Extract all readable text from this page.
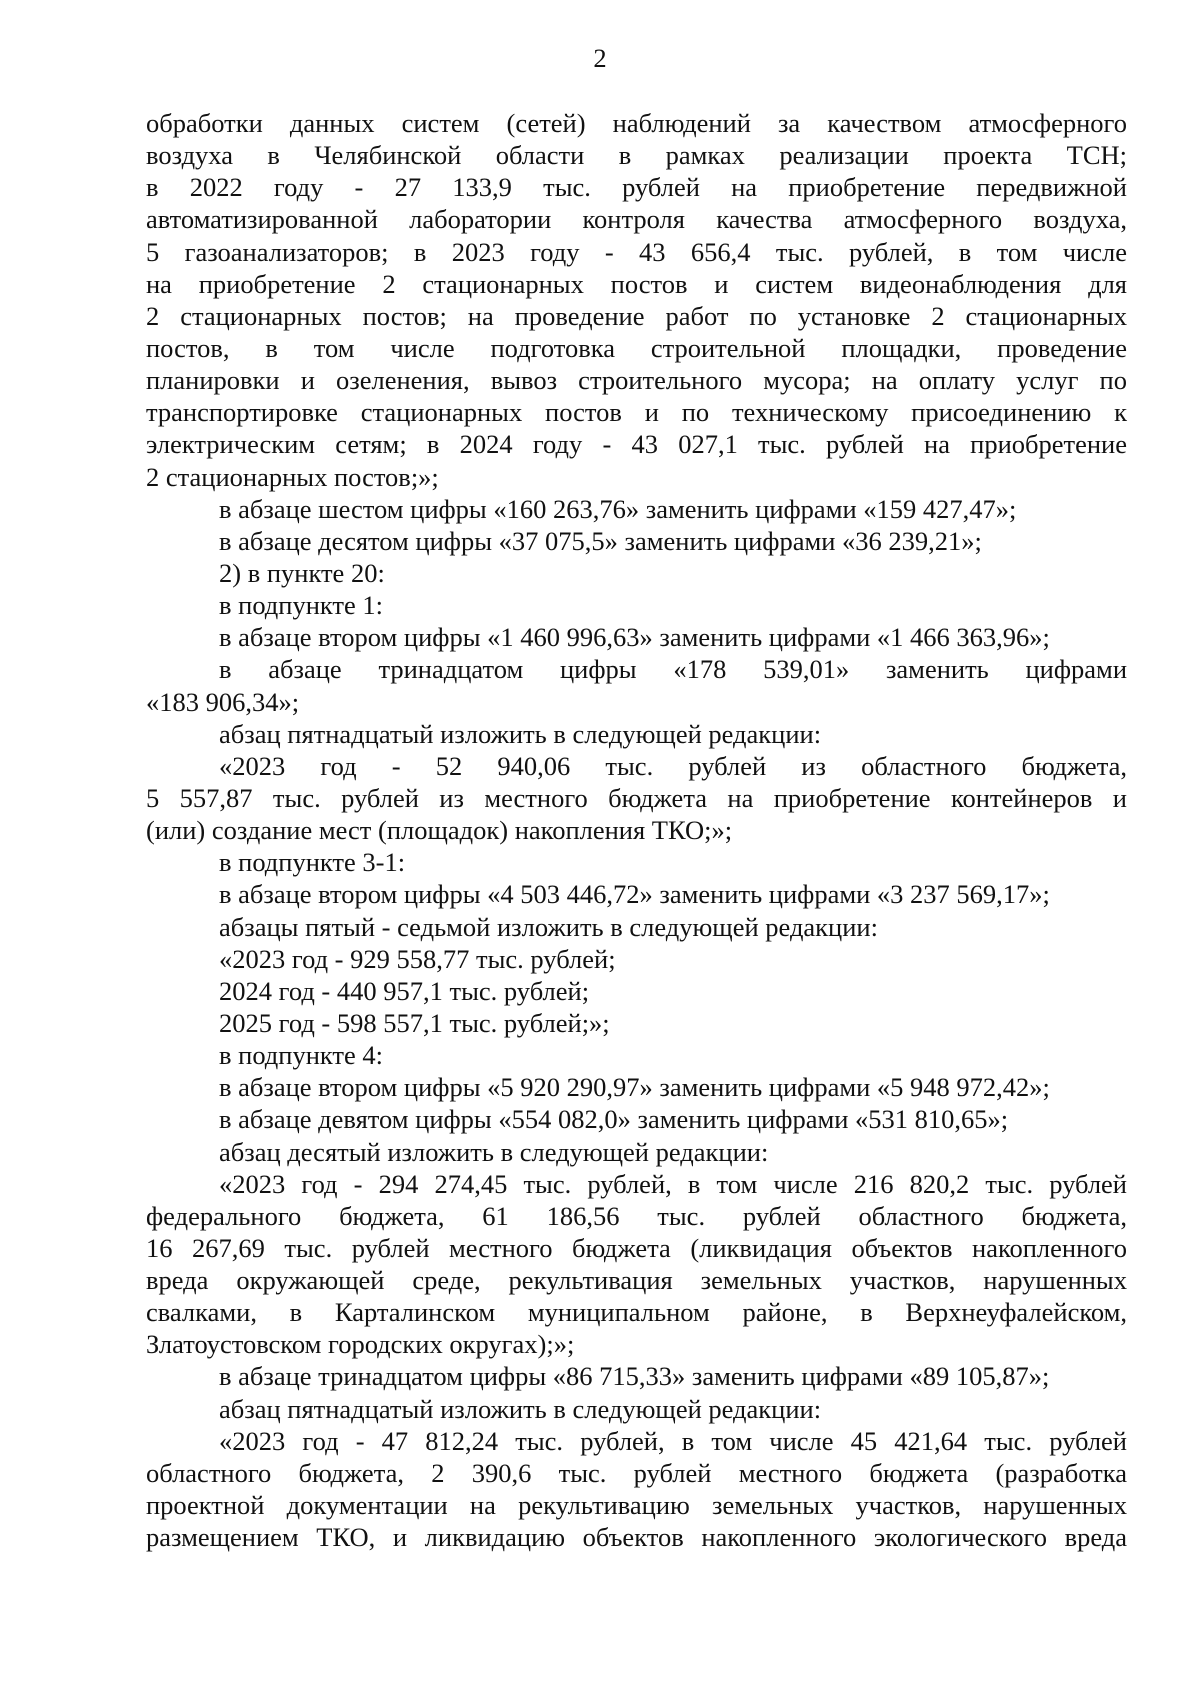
2
обработки данных систем (сетей) наблюдений за качеством атмосферного
воздуха в Челябинской области в рамках реализации проекта ТСН;
в 2022 году - 27 133,9 тыс. рублей на приобретение передвижной
автоматизированной лаборатории контроля качества атмосферного воздуха,
5 газоанализаторов; в 2023 году - 43 656,4 тыс. рублей, в том числе
на приобретение 2 стационарных постов и систем видеонаблюдения для
2 стационарных постов; на проведение работ по установке 2 стационарных
постов, в том числе подготовка строительной площадки, проведение
планировки и озеленения, вывоз строительного мусора; на оплату услуг по
транспортировке стационарных постов и по техническому присоединению к
электрическим сетям; в 2024 году - 43 027,1 тыс. рублей на приобретение
2 стационарных постов;»;
в абзаце шестом цифры «160 263,76» заменить цифрами «159 427,47»;
в абзаце десятом цифры «37 075,5» заменить цифрами «36 239,21»;
2) в пункте 20:
в подпункте 1:
в абзаце втором цифры «1 460 996,63» заменить цифрами «1 466 363,96»;
в абзаце тринадцатом цифры «178 539,01» заменить цифрами
«183 906,34»;
абзац пятнадцатый изложить в следующей редакции:
«2023 год - 52 940,06 тыс. рублей из областного бюджета,
5 557,87 тыс. рублей из местного бюджета на приобретение контейнеров и
(или) создание мест (площадок) накопления ТКО;»;
в подпункте 3-1:
в абзаце втором цифры «4 503 446,72» заменить цифрами «3 237 569,17»;
абзацы пятый - седьмой изложить в следующей редакции:
«2023 год - 929 558,77 тыс. рублей;
2024 год - 440 957,1 тыс. рублей;
2025 год - 598 557,1 тыс. рублей;»;
в подпункте 4:
в абзаце втором цифры «5 920 290,97» заменить цифрами «5 948 972,42»;
в абзаце девятом цифры «554 082,0» заменить цифрами «531 810,65»;
абзац десятый изложить в следующей редакции:
«2023 год - 294 274,45 тыс. рублей, в том числе 216 820,2 тыс. рублей
федерального бюджета, 61 186,56 тыс. рублей областного бюджета,
16 267,69 тыс. рублей местного бюджета (ликвидация объектов накопленного
вреда окружающей среде, рекультивация земельных участков, нарушенных
свалками, в Карталинском муниципальном районе, в Верхнеуфалейском,
Златоустовском городских округах);»;
в абзаце тринадцатом цифры «86 715,33» заменить цифрами «89 105,87»;
абзац пятнадцатый изложить в следующей редакции:
«2023 год - 47 812,24 тыс. рублей, в том числе 45 421,64 тыс. рублей
областного бюджета, 2 390,6 тыс. рублей местного бюджета (разработка
проектной документации на рекультивацию земельных участков, нарушенных
размещением ТКО, и ликвидацию объектов накопленного экологического вреда
